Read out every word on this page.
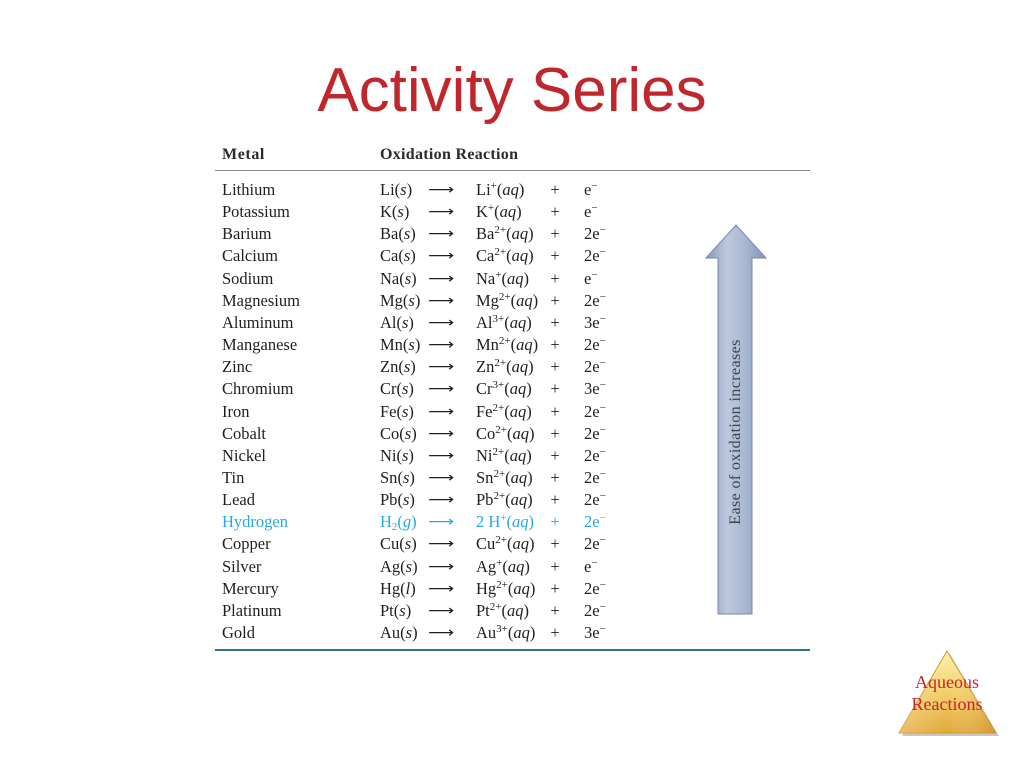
Activity Series
Metal	Oxidation Reaction
Lithium	Li(s) ⟶ Li+(aq) + e−
Potassium	K(s) ⟶ K+(aq) + e−
Barium	Ba(s) ⟶ $Ba^{2+}(aq) + 2e^-$
Calcium	Ca(s) ⟶ $Ca^{2+}(aq) + 2e^-$
Sodium	Na(s) ⟶ Na+(aq) + e−
Magnesium	Mg(s) ⟶ $Mg^{2+}(aq) + 2e^-$
Aluminum	Al(s) ⟶ $Al^{3+}(aq) + 3e^-$
Manganese	Mn(s) ⟶ $Mn^{2+}(aq) + 2e^-$
Zinc	Zn(s) ⟶ $Zn^{2+}(aq) + 2e^-$
Chromium	Cr(s) ⟶ $Cr^{3+}(aq) + 3e^-$
Iron	Fe(s) ⟶ $Fe^{2+}(aq) + 2e^-$
Cobalt	Co(s) ⟶ $Co^{2+}(aq) + 2e^-$
Nickel	Ni(s) ⟶ $Ni^{2+}(aq) + 2e^-$
Tin	Sn(s) ⟶ $Sn^{2+}(aq) + 2e^-$
Lead	Pb(s) ⟶ $Pb^{2+}(aq) + 2e^-$
Hydrogen	$H_2(g)$ ⟶ 2 H+(aq) + 2e−
Copper	Cu(s) ⟶ $Cu^{2+}(aq) + 2e^-$
Silver	Ag(s) ⟶ Ag+(aq) + e−
Mercury	Hg(l) ⟶ $Hg^{2+}(aq) + 2e^-$
Platinum	Pt(s) ⟶ $Pt^{2+}(aq) + 2e^-$
Gold	Au(s) ⟶ $Au^{3+}(aq) + 3e^-$
Ease of oxidation increases
Aqueous
Reactions
